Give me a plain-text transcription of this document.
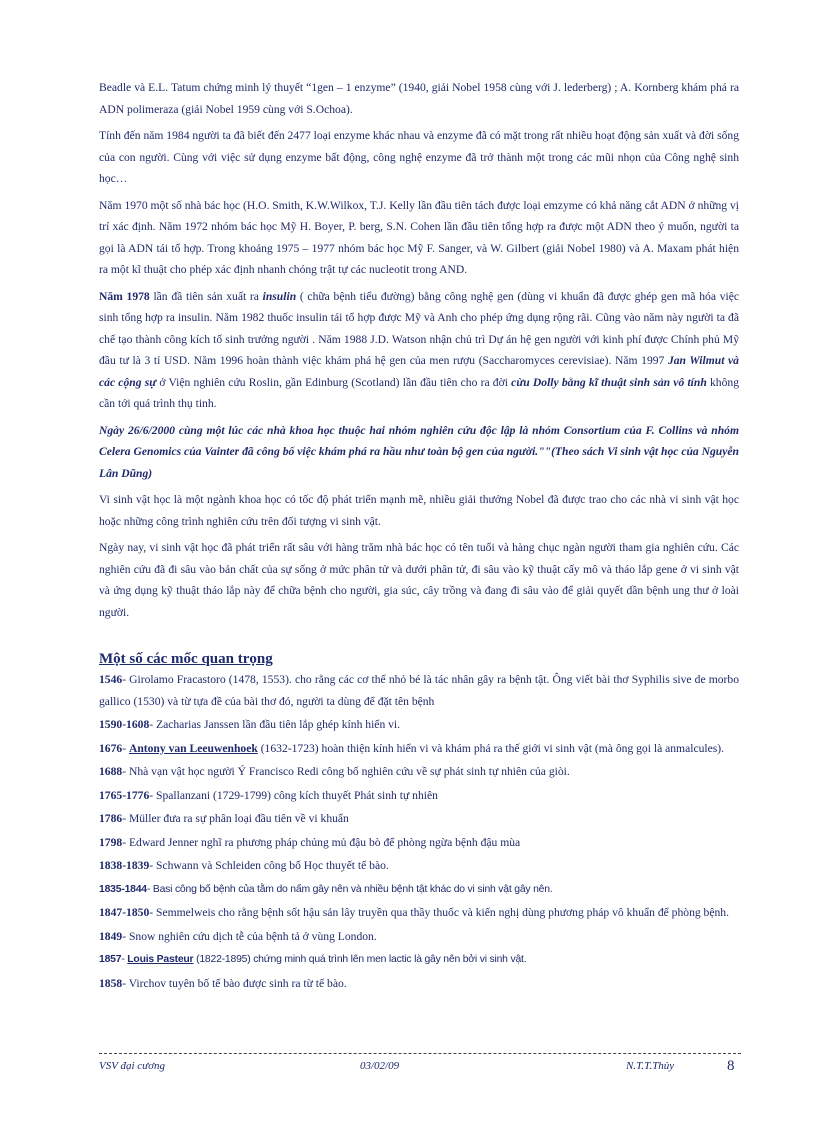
Beadle và E.L. Tatum chứng minh lý thuyết “1gen – 1 enzyme” (1940, giải Nobel 1958 cùng với J. lederberg) ; A. Kornberg khám phá ra ADN polimeraza (giải Nobel 1959 cùng với S.Ochoa).

Tính đến năm 1984 người ta đã biết đến 2477 loại enzyme khác nhau và enzyme đã có mặt trong rất nhiều hoạt động sản xuất và đời sống của con người. Cùng với việc sử dụng enzyme bất động, công nghệ enzyme đã trở thành một trong các mũi nhọn của Công nghệ sinh học…

Năm 1970 một số nhà bác học (H.O. Smith, K.W.Wilkox, T.J. Kelly lần đầu tiên tách được loại emzyme có khả năng cắt ADN ở những vị trí xác định. Năm 1972 nhóm bác học Mỹ H. Boyer, P. berg, S.N. Cohen lần đầu tiên tổng hợp ra được một ADN theo ý muốn, người ta gọi là ADN tái tổ hợp. Trong khoảng 1975 – 1977 nhóm bác học Mỹ F. Sanger, và W. Gilbert (giải Nobel 1980) và A. Maxam phát hiện ra một kĩ thuật cho phép xác định nhanh chóng trật tự các nucleotit trong AND.

Năm 1978 lần đầ tiên sản xuất ra insulin ( chữa bệnh tiểu đường) bằng công nghệ gen (dùng vi khuẩn đã được ghép gen mã hóa việc sinh tổng hợp ra insulin. Năm 1982 thuốc insulin tái tổ hợp được Mỹ và Anh cho phép ứng dụng rộng rãi. Cũng vào năm này người ta đã chế tạo thành công kích tố sinh trưởng người . Năm 1988 J.D. Watson nhận chủ trì Dự án hệ gen người với kinh phí được Chính phủ Mỹ đầu tư là 3 tỉ USD. Năm 1996 hoàn thành việc khám phá hệ gen của men rượu (Saccharomyces cerevisiae). Năm 1997 Jan Wilmut và các cộng sự ở Viện nghiên cứu Roslin, gần Edinburg (Scotland) lần đầu tiên cho ra đời cừu Dolly bằng kĩ thuật sinh sản vô tính không cần tới quá trình thụ tinh.

Ngày 26/6/2000 cùng một lúc các nhà khoa học thuộc hai nhóm nghiên cứu độc lập là nhóm Consortium của F. Collins và nhóm Celera Genomics của Vainter đã công bố việc khám phá ra hầu như toàn bộ gen của người.""(Theo sách Vi sinh vật học của Nguyễn Lân Dũng)

Vi sinh vật học là một ngành khoa học có tốc độ phát triển mạnh mẽ, nhiều giải thưởng Nobel đã được trao cho các nhà vi sinh vật học hoặc những công trình nghiên cứu trên đối tượng vi sinh vật.

Ngày nay, vi sinh vật học đã phát triển rất sâu với hàng trăm nhà bác học có tên tuổi và hàng chục ngàn người tham gia nghiên cứu. Các nghiên cứu đã đi sâu vào bản chất của sự sống ở mức phân tử và dưới phân tử, đi sâu vào kỹ thuật cấy mô và tháo lắp gene ở vi sinh vật và ứng dụng kỹ thuật tháo lắp này để chữa bệnh cho người, gia súc, cây trồng và đang đi sâu vào để giải quyết dần bệnh ung thư ở loài người.

Một số các mốc quan trọng

1546- Girolamo Fracastoro (1478, 1553). cho rằng các cơ thể nhỏ bé là tác nhân gây ra bệnh tật. Ông viết bài thơ Syphilis sive de morbo gallico (1530) và từ tựa đề của bài thơ đó, người ta dùng để đặt tên bệnh

1590-1608- Zacharias Janssen lần đầu tiên lắp ghép kính hiển vi.

1676- Antony van Leeuwenhoek (1632-1723) hoàn thiện kính hiển vi và khám phá ra thế giới vi sinh vật (mà ông gọi là anmalcules).

1688- Nhà vạn vật học người Ý Francisco Redi công bố nghiên cứu về sự phát sinh tự nhiên của giòi.

1765-1776- Spallanzani (1729-1799) công kích thuyết Phát sinh tự nhiên

1786- Müller đưa ra sự phân loại đầu tiên về vi khuẩn

1798- Edward Jenner nghĩ ra phương pháp chủng mủ đậu bò để phòng ngừa bệnh đậu mùa

1838-1839- Schwann và Schleiden công bố Học thuyết tế bào.

1835-1844- Basi công bố bệnh của tằm do nấm gây nên và nhiều bệnh tật khác do vi sinh vật gây nên.

1847-1850- Semmelweis cho rằng bệnh sốt hậu sản lây truyền qua thầy thuốc và kiến nghị dùng phương pháp vô khuẩn để phòng bệnh.

1849- Snow nghiên cứu dịch tễ của bệnh tả ở vùng London.

1857- Louis Pasteur (1822-1895) chứng minh quá trình lên men lactic là gây nên bởi vi sinh vật.

1858- Virchov tuyên bố tế bào được sinh ra từ tế bào.

VSV đại cương	03/02/09	N.T.T.Thủy	8
